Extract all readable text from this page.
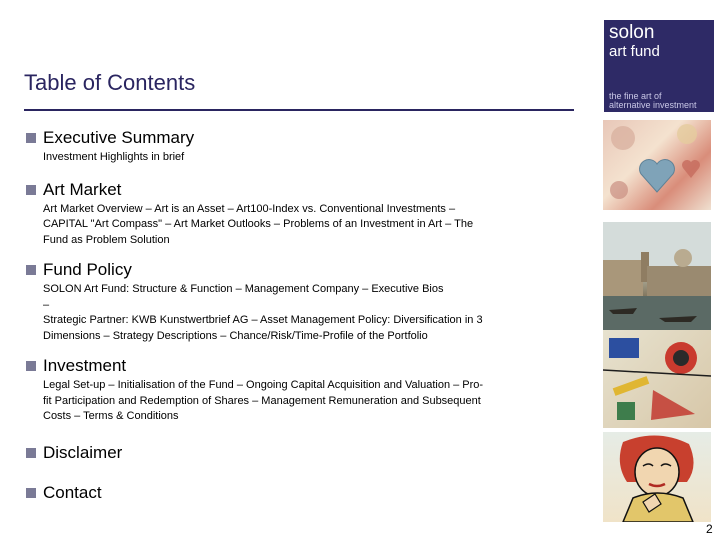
Table of Contents
solon
art fund
the fine art of
alternative investment
Executive Summary
Investment Highlights in brief
Art Market
Art Market Overview – Art is an Asset – Art100-Index vs. Conventional Investments –
CAPITAL "Art Compass" – Art Market Outlooks – Problems of an Investment in Art – The
Fund as Problem Solution
Fund Policy
SOLON Art Fund: Structure & Function – Management Company – Executive Bios
–
Strategic Partner: KWB Kunstwertbrief AG – Asset Management Policy: Diversification in 3
Dimensions – Strategy Descriptions – Chance/Risk/Time-Profile of the Portfolio
Investment
Legal Set-up – Initialisation of the Fund – Ongoing Capital Acquisition and Valuation – Pro-
fit Participation and Redemption of Shares – Management Remuneration and Subsequent
Costs – Terms & Conditions
Disclaimer
Contact
2
